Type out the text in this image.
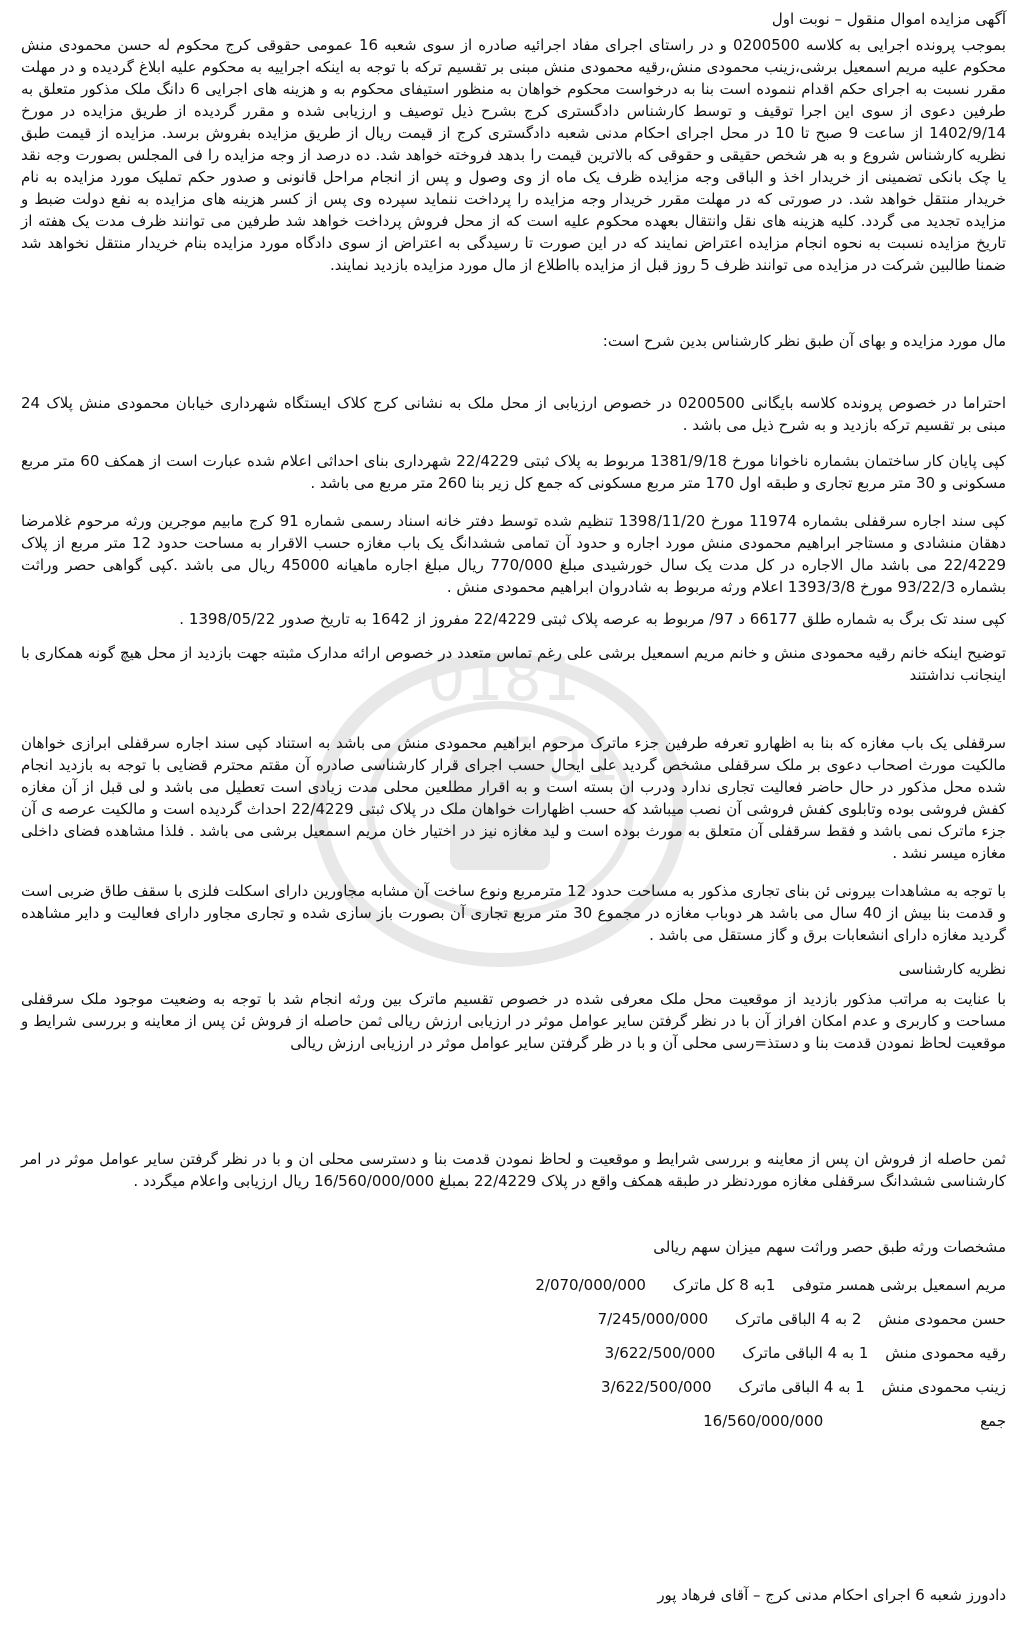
0181
101
آگهی مزایده اموال منقول – نوبت اول
بموجب پرونده اجرایی به کلاسه 0200500 و در راستای اجرای مفاد اجرائیه صادره از سوی شعبه 16 عمومی حقوقی کرج محکوم له حسن محمودی منش محکوم علیه مریم اسمعیل برشی،زینب محمودی منش،رقیه محمودی منش مبنی بر تقسیم ترکه با توجه به اینکه اجراییه به محکوم علیه ابلاغ گردیده و در مهلت مقرر نسبت به اجرای حکم اقدام ننموده است بنا به درخواست محکوم خواهان به منظور استیفای محکوم به و هزینه های اجرایی 6 دانگ ملک مذکور متعلق به طرفین دعوی از سوی این اجرا توقیف و توسط کارشناس دادگستری کرج بشرح ذیل توصیف و ارزیابی شده و مقرر گردیده از طریق مزایده در مورخ 1402/9/14 از ساعت 9 صبح تا 10 در محل اجرای احکام مدنی شعبه دادگستری کرج از قیمت ریال از طریق مزایده بفروش برسد. مزایده از قیمت طبق نظریه کارشناس شروع و به هر شخص حقیقی و حقوقی که بالاترین قیمت را بدهد فروخته خواهد شد. ده درصد از وجه مزایده را فی المجلس بصورت وجه نقد یا چک بانکی تضمینی از خریدار اخذ و الباقی وجه مزایده ظرف یک ماه از وی وصول و پس از انجام مراحل قانونی و صدور حکم تملیک مورد مزایده به نام خریدار منتقل خواهد شد. در صورتی که در مهلت مقرر خریدار وجه مزایده را پرداخت ننماید سپرده وی پس از کسر هزینه های مزایده به نفع دولت ضبط و مزایده تجدید می گردد. کلیه هزینه های نقل وانتقال بعهده محکوم علیه است که از محل فروش پرداخت خواهد شد طرفین می توانند ظرف مدت یک هفته از تاریخ مزایده نسبت به نحوه انجام مزایده اعتراض نمایند که در این صورت تا رسیدگی به اعتراض از سوی دادگاه مورد مزایده بنام خریدار منتقل نخواهد شد ضمنا طالبین شرکت در مزایده می توانند ظرف 5 روز قبل از مزایده بااطلاع از مال مورد مزایده بازدید نمایند.
مال مورد مزایده و بهای آن طبق نظر کارشناس بدین شرح است:
احتراما در خصوص پرونده کلاسه بایگانی 0200500 در خصوص ارزیابی از محل ملک به نشانی کرج کلاک ایستگاه شهرداری خیابان محمودی منش پلاک 24 مبنی بر تقسیم ترکه بازدید و به شرح ذیل می باشد .
کپی پایان کار ساختمان بشماره ناخوانا مورخ 1381/9/18 مربوط به پلاک ثبتی 22/4229 شهرداری بنای احداثی اعلام شده عبارت است از همکف 60 متر مربع مسکونی و 30 متر مربع تجاری و طبقه اول 170 متر مربع مسکونی که جمع کل زیر بنا 260 متر مربع می باشد .
کپی سند اجاره سرقفلی بشماره 11974 مورخ 1398/11/20 تنظیم شده توسط دفتر خانه اسناد رسمی شماره 91 کرج مابیم موجرین ورثه مرحوم غلامرضا دهقان منشادی و مستاجر ابراهیم محمودی منش مورد اجاره و حدود آن تمامی ششدانگ یک باب مغازه حسب الاقرار به مساحت حدود 12 متر مربع از پلاک 22/4229 می باشد مال الاجاره در کل مدت یک سال خورشیدی مبلغ 770/000 ریال مبلغ اجاره ماهیانه 45000 ریال می باشد .کپی گواهی حصر وراثت بشماره 93/22/3 مورخ 1393/3/8 اعلام ورثه مربوط به شادروان ابراهیم محمودی منش .
کپی سند تک برگ به شماره طلق 66177 د 97/ مربوط به عرصه پلاک ثبتی 22/4229 مفروز از 1642 به تاریخ صدور 1398/05/22 .
توضیح اینکه خانم رقیه محمودی منش و خانم مریم اسمعیل برشی علی رغم تماس متعدد در خصوص ارائه مدارک مثبته جهت بازدید از محل هیچ گونه همکاری با اینجانب نداشتند
سرقفلی یک باب مغازه که بنا به اظهارو تعرفه طرفین جزء ماترک مرحوم ابراهیم محمودی منش می باشد به استناد کپی سند اجاره سرقفلی ابرازی خواهان مالکیت مورث اصحاب دعوی بر ملک سرقفلی مشخص گردید علی ایحال حسب اجرای قرار کارشناسی صادره آن مقتم محترم قضایی با توجه به بازدید انجام شده محل مذکور در حال حاضر فعالیت تجاری ندارد ودرب ان بسته است و به اقرار مطلعین محلی مدت زیادی است تعطیل می باشد و لی قبل از آن مغازه کفش فروشی بوده وتابلوی کفش فروشی آن نصب میباشد که حسب اظهارات خواهان ملک در پلاک ثبتی 22/4229 احداث گردیده است و مالکیت عرصه ی آن جزء ماترک نمی باشد و فقط سرقفلی آن متعلق به مورث بوده است و لید مغازه نیز در اختیار خان مریم اسمعیل برشی می باشد . فلذا مشاهده فضای داخلی مغازه میسر نشد .
با توجه به مشاهدات بیرونی ئن بنای تجاری مذکور به مساحت حدود 12 مترمربع ونوع ساخت آن مشابه مجاورین دارای اسکلت فلزی با سقف طاق ضربی است و قدمت بنا بیش از 40 سال می باشد هر دوباب مغازه در مجموع 30 متر مربع تجاری آن بصورت باز سازی شده و تجاری مجاور دارای فعالیت و دایر مشاهده گردید مغازه دارای انشعابات برق و گاز مستقل می باشد .
نظریه کارشناسی
با عنایت به مراتب مذکور بازدید از موقعیت محل ملک معرفی شده در خصوص تقسیم ماترک بین ورثه انجام شد با توجه به وضعیت موجود ملک سرقفلی مساحت و کاربری و عدم امکان افراز آن با در نظر گرفتن سایر عوامل موثر در ارزیابی ارزش ریالی ثمن حاصله از فروش ئن پس از معاینه و بررسی شرایط و موقعیت لحاظ نمودن قدمت بنا و دستذ=رسی محلی آن و با در ظر گرفتن سایر عوامل موثر در ارزیابی ارزش ریالی
ثمن حاصله از فروش ان پس از معاینه و بررسی شرایط و موقعیت و لحاظ نمودن قدمت بنا و دسترسی محلی ان و با در نظر گرفتن سایر عوامل موثر در امر کارشناسی ششدانگ سرقفلی مغازه موردنظر در طبقه همکف واقع در پلاک 22/4229 بمبلغ 16/560/000/000 ریال ارزیابی واعلام میگردد .
مشخصات ورثه طبق حصر وراثت سهم میزان سهم ریالی
مریم اسمعیل برشی همسر متوفی 1به 8 کل ماترک 2/070/000/000
حسن محمودی منش 2 به 4 الباقی ماترک 7/245/000/000
رقیه محمودی منش 1 به 4 الباقی ماترک 3/622/500/000
زینب محمودی منش 1 به 4 الباقی ماترک 3/622/500/000
جمع 16/560/000/000
دادورز شعبه 6 اجرای احکام مدنی کرج – آقای فرهاد پور
